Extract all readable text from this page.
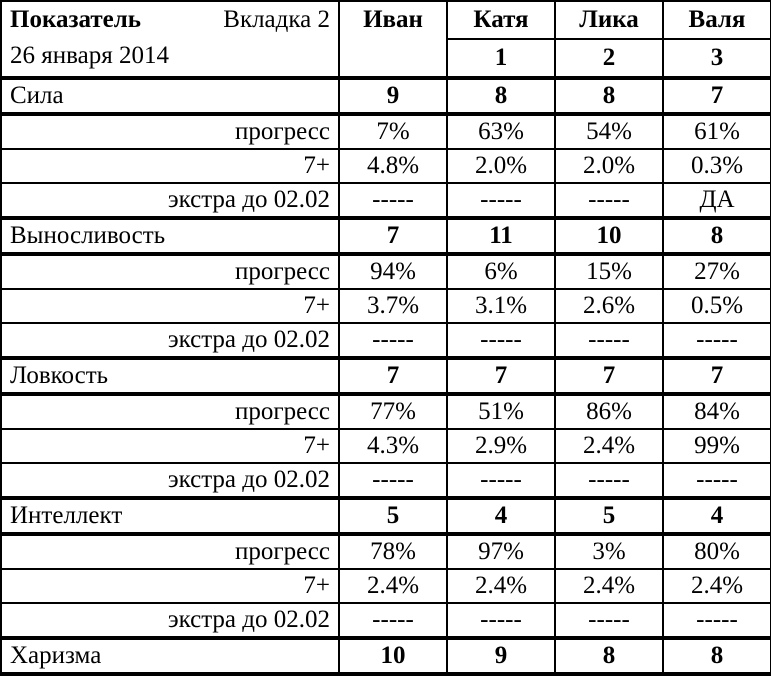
Показатель Вкладка 2
26 января 2014	Иван	Катя	Лика	Валя
		1	2	3
Сила	9	8	8	7
прогресс	7%	63%	54%	61%
7+	4.8%	2.0%	2.0%	0.3%
экстра до 02.02	-----	-----	-----	ДА
Выносливость	7	11	10	8
прогресс	94%	6%	15%	27%
7+	3.7%	3.1%	2.6%	0.5%
экстра до 02.02	-----	-----	-----	-----
Ловкость	7	7	7	7
прогресс	77%	51%	86%	84%
7+	4.3%	2.9%	2.4%	99%
экстра до 02.02	-----	-----	-----	-----
Интеллект	5	4	5	4
прогресс	78%	97%	3%	80%
7+	2.4%	2.4%	2.4%	2.4%
экстра до 02.02	-----	-----	-----	-----
Харизма	10	9	8	8
